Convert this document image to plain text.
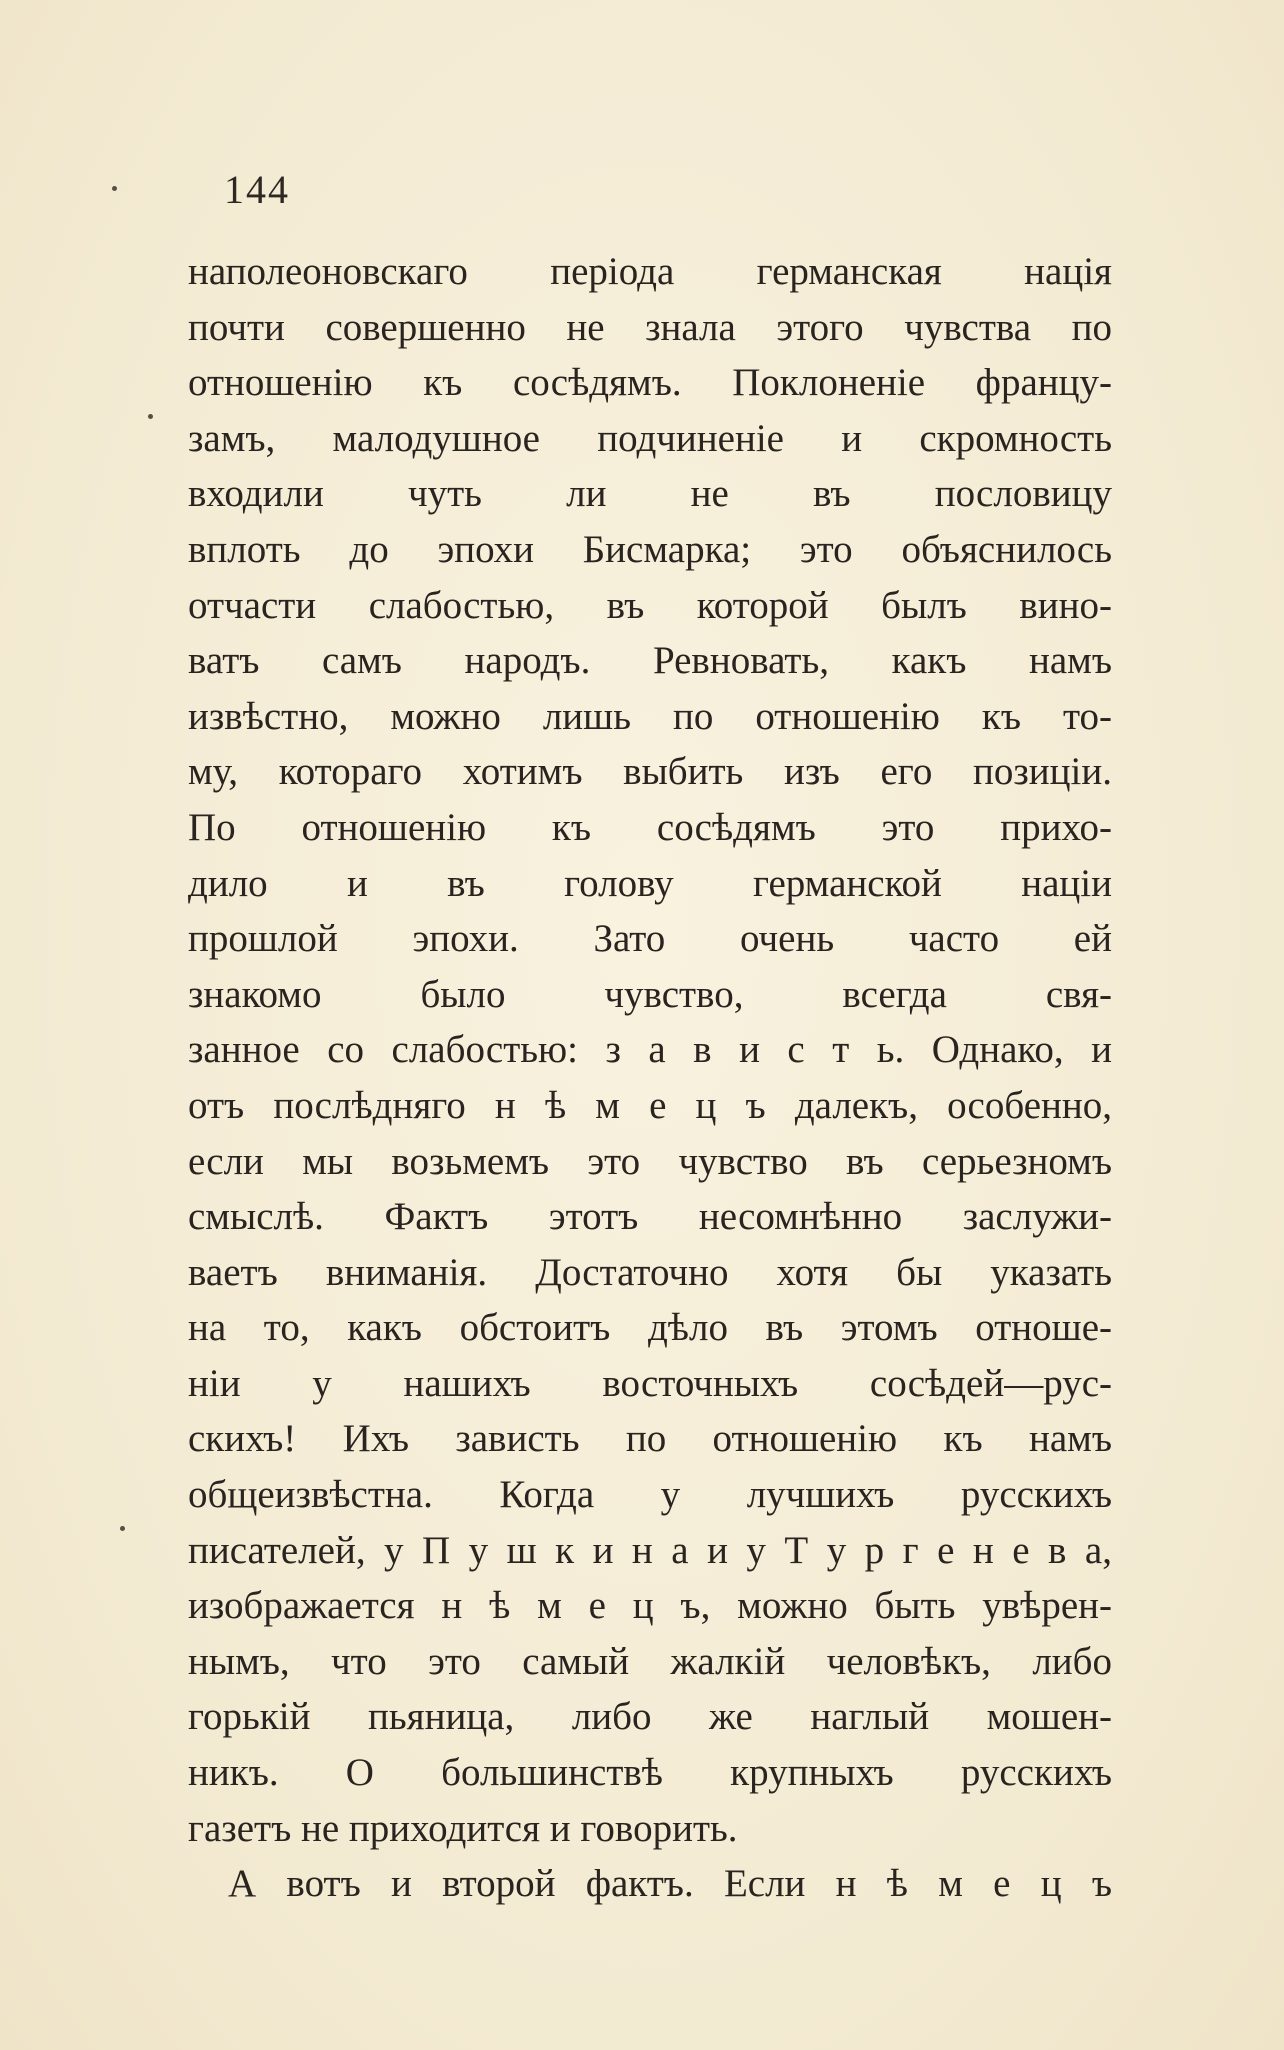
144
наполеоновскаго періода германская нація
почти совершенно не знала этого чувства по
отношенію къ сосѣдямъ. Поклоненіе францу-
замъ, малодушное подчиненіе и скромность
входили чуть ли не въ пословицу
вплоть до эпохи Бисмарка; это объяснилось
отчасти слабостью, въ которой былъ вино-
ватъ самъ народъ. Ревновать, какъ намъ
извѣстно, можно лишь по отношенію къ то-
му, котораго хотимъ выбить изъ его позиціи.
По отношенію къ сосѣдямъ это прихо-
дило и въ голову германской націи
прошлой эпохи. Зато очень часто ей
знакомо было чувство, всегда свя-
занное со слабостью: з а в и с т ь. Однако, и
отъ послѣдняго н ѣ м е ц ъ далекъ, особенно,
если мы возьмемъ это чувство въ серьезномъ
смыслѣ. Фактъ этотъ несомнѣнно заслужи-
ваетъ вниманія. Достаточно хотя бы указать
на то, какъ обстоитъ дѣло въ этомъ отноше-
ніи у нашихъ восточныхъ сосѣдей—рус-
скихъ! Ихъ зависть по отношенію къ намъ
общеизвѣстна. Когда у лучшихъ русскихъ
писателей, у П у ш к и н а и у Т у р г е н е в а,
изображается н ѣ м е ц ъ, можно быть увѣрен-
нымъ, что это самый жалкій человѣкъ, либо
горькій пьяница, либо же наглый мошен-
никъ. О большинствѣ крупныхъ русскихъ
газетъ не приходится и говорить.
А вотъ и второй фактъ. Если н ѣ м е ц ъ
